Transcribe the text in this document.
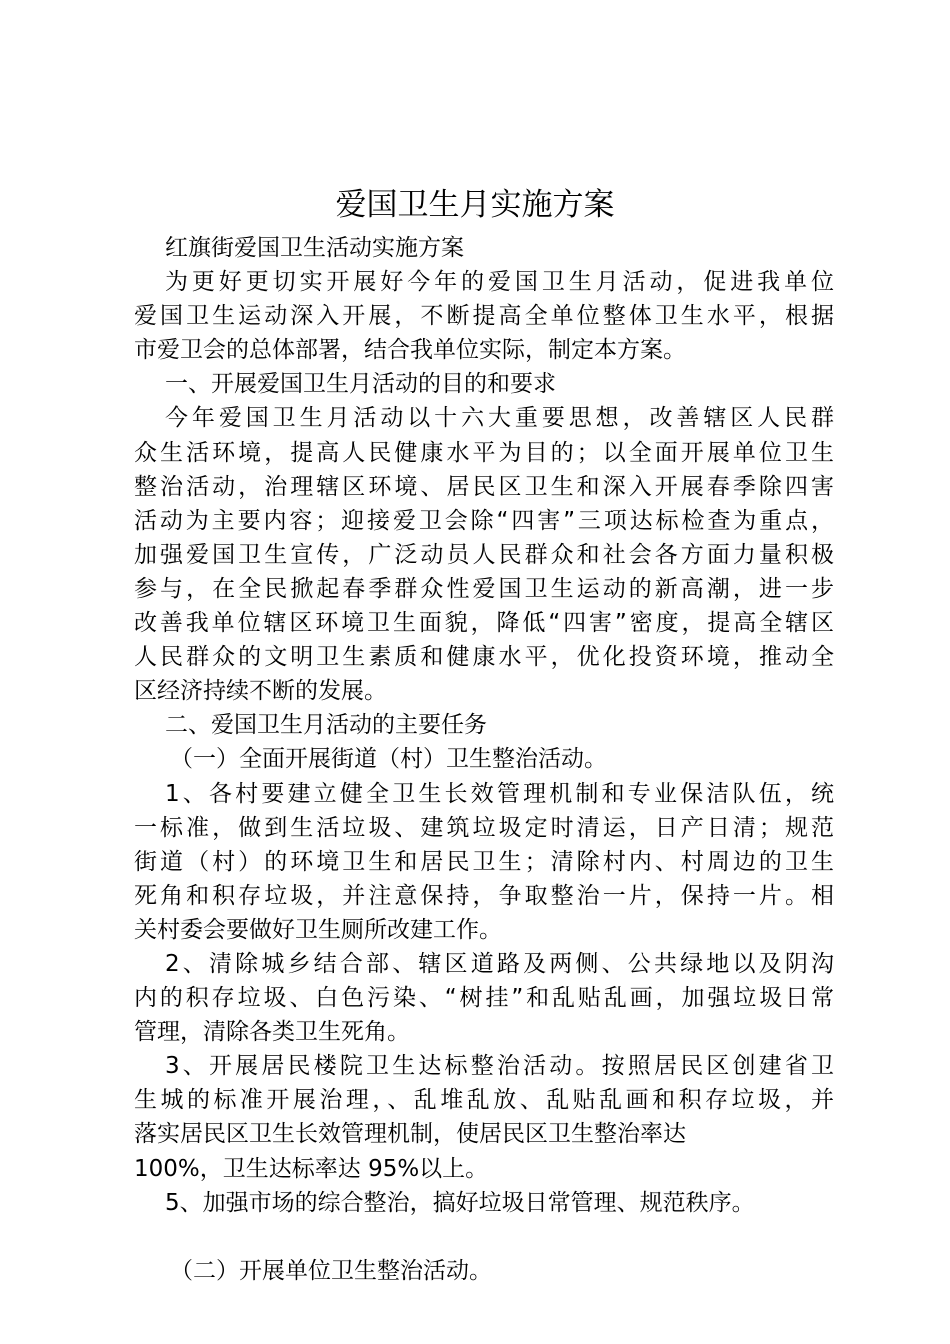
爱国卫生月实施方案
红旗街爱国卫生活动实施方案
为更好更切实开展好今年的爱国卫生月活动，促进我单位
爱国卫生运动深入开展，不断提高全单位整体卫生水平，根据
市爱卫会的总体部署，结合我单位实际，制定本方案。
一、开展爱国卫生月活动的目的和要求
今年爱国卫生月活动以十六大重要思想，改善辖区人民群
众生活环境，提高人民健康水平为目的；以全面开展单位卫生
整治活动，治理辖区环境、居民区卫生和深入开展春季除四害
活动为主要内容；迎接爱卫会除“四害”三项达标检查为重点，
加强爱国卫生宣传，广泛动员人民群众和社会各方面力量积极
参与，在全民掀起春季群众性爱国卫生运动的新高潮，进一步
改善我单位辖区环境卫生面貌，降低“四害”密度，提高全辖区
人民群众的文明卫生素质和健康水平，优化投资环境，推动全
区经济持续不断的发展。
二、爱国卫生月活动的主要任务
（一）全面开展街道（村）卫生整治活动。
1、各村要建立健全卫生长效管理机制和专业保洁队伍，统
一标准，做到生活垃圾、建筑垃圾定时清运，日产日清；规范
街道（村）的环境卫生和居民卫生；清除村内、村周边的卫生
死角和积存垃圾，并注意保持，争取整治一片，保持一片。相
关村委会要做好卫生厕所改建工作。
2、清除城乡结合部、辖区道路及两侧、公共绿地以及阴沟
内的积存垃圾、白色污染、“树挂”和乱贴乱画，加强垃圾日常
管理，清除各类卫生死角。
3、开展居民楼院卫生达标整治活动。按照居民区创建省卫
生城的标准开展治理，、乱堆乱放、乱贴乱画和积存垃圾，并
落实居民区卫生长效管理机制，使居民区卫生整治率达
100%，卫生达标率达 95%以上。
5、加强市场的综合整治，搞好垃圾日常管理、规范秩序。
（二）开展单位卫生整治活动。
